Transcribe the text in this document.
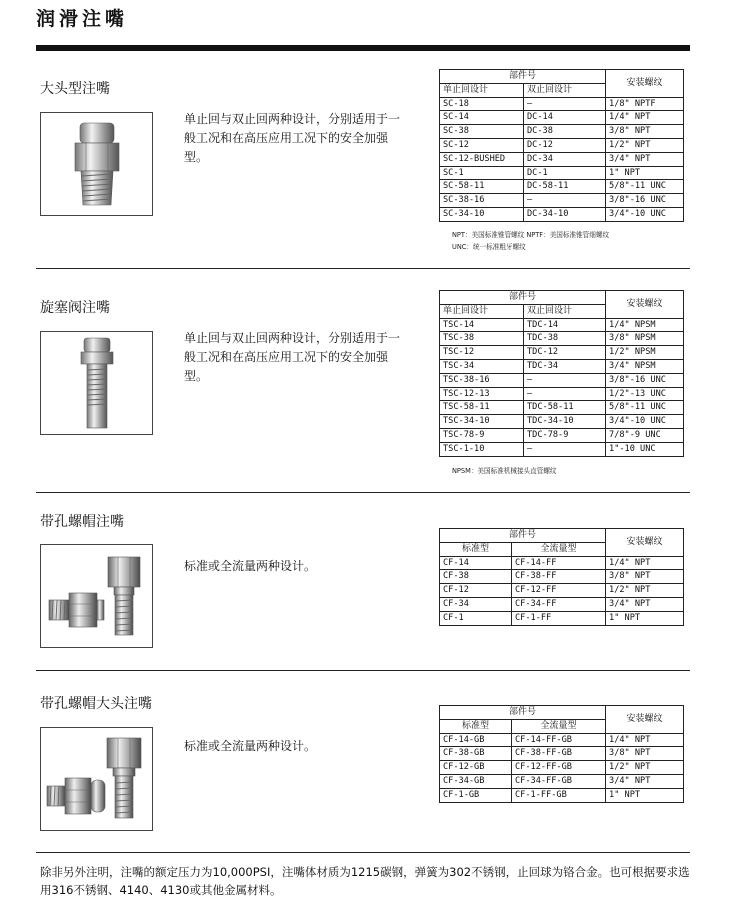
润滑注嘴
大头型注嘴

单止回与双止回两种设计，分别适用于一般工况和在高压应用工况下的安全加强型。

部件号		安装螺纹
单止回设计	双止回设计	
SC-18	–	1/8" NPTF
SC-14	DC-14	1/4" NPT
SC-38	DC-38	3/8" NPT
SC-12	DC-12	1/2" NPT
SC-12-BUSHED	DC-34	3/4" NPT
SC-1	DC-1	1" NPT
SC-58-11	DC-58-11	5/8"-11 UNC
SC-38-16	–	3/8"-16 UNC
SC-34-10	DC-34-10	3/4"-10 UNC

NPT：美国标准锥管螺纹 NPTF：美国标准锥管细螺纹

UNC：统一标准粗牙螺纹

旋塞阀注嘴

单止回与双止回两种设计，分别适用于一般工况和在高压应用工况下的安全加强型。

部件号		安装螺纹
单止回设计	双止回设计	
TSC-14	TDC-14	1/4" NPSM
TSC-38	TDC-38	3/8" NPSM
TSC-12	TDC-12	1/2" NPSM
TSC-34	TDC-34	3/4" NPSM
TSC-38-16	–	3/8"-16 UNC
TSC-12-13	–	1/2"-13 UNC
TSC-58-11	TDC-58-11	5/8"-11 UNC
TSC-34-10	TDC-34-10	3/4"-10 UNC
TSC-78-9	TDC-78-9	7/8"-9 UNC
TSC-1-10	–	1"-10 UNC

NPSM：美国标准机械接头直管螺纹

带孔螺帽注嘴

标准或全流量两种设计。

部件号		安装螺纹
标准型	全流量型	
CF-14	CF-14-FF	1/4" NPT
CF-38	CF-38-FF	3/8" NPT
CF-12	CF-12-FF	1/2" NPT
CF-34	CF-34-FF	3/4" NPT
CF-1	CF-1-FF	1" NPT
带孔螺帽大头注嘴

标准或全流量两种设计。

部件号		安装螺纹
标准型	全流量型	
CF-14-GB	CF-14-FF-GB	1/4" NPT
CF-38-GB	CF-38-FF-GB	3/8" NPT
CF-12-GB	CF-12-FF-GB	1/2" NPT
CF-34-GB	CF-34-FF-GB	3/4" NPT
CF-1-GB	CF-1-FF-GB	1" NPT

除非另外注明，注嘴的额定压力为10,000PSI，注嘴体材质为1215碳钢，弹簧为302不锈钢，止回球为铬合金。也可根据要求选用316不锈钢、4140、4130或其他金属材料。
